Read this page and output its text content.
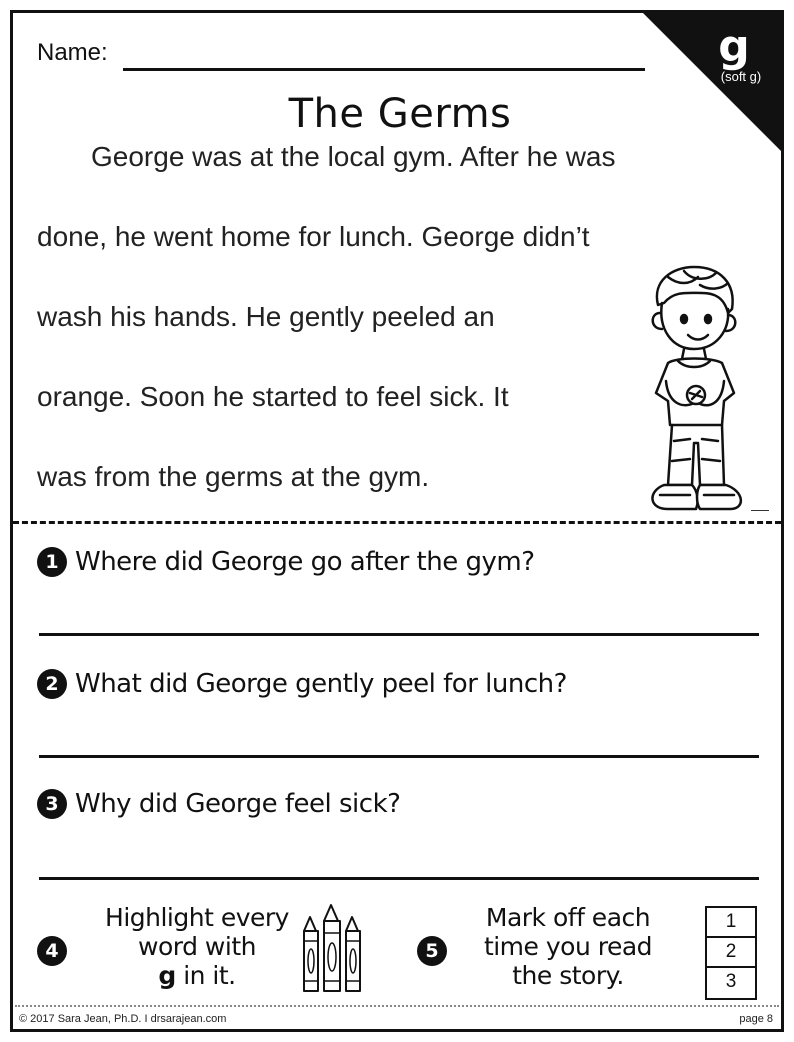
g
(soft g)
Name:
The Germs
George was at the local gym. After he was
done, he went home for lunch. George didn’t
wash his hands. He gently peeled an
orange. Soon he started to feel sick. It
was from the germs at the gym.
1 Where did George go after the gym?
2 What did George gently peel for lunch?
3 Why did George feel sick?
4
Highlight every
word with
g in it.
5
Mark off each
time you read
the story.
1
2
3
© 2017 Sara Jean, Ph.D. I drsarajean.com	page 8
